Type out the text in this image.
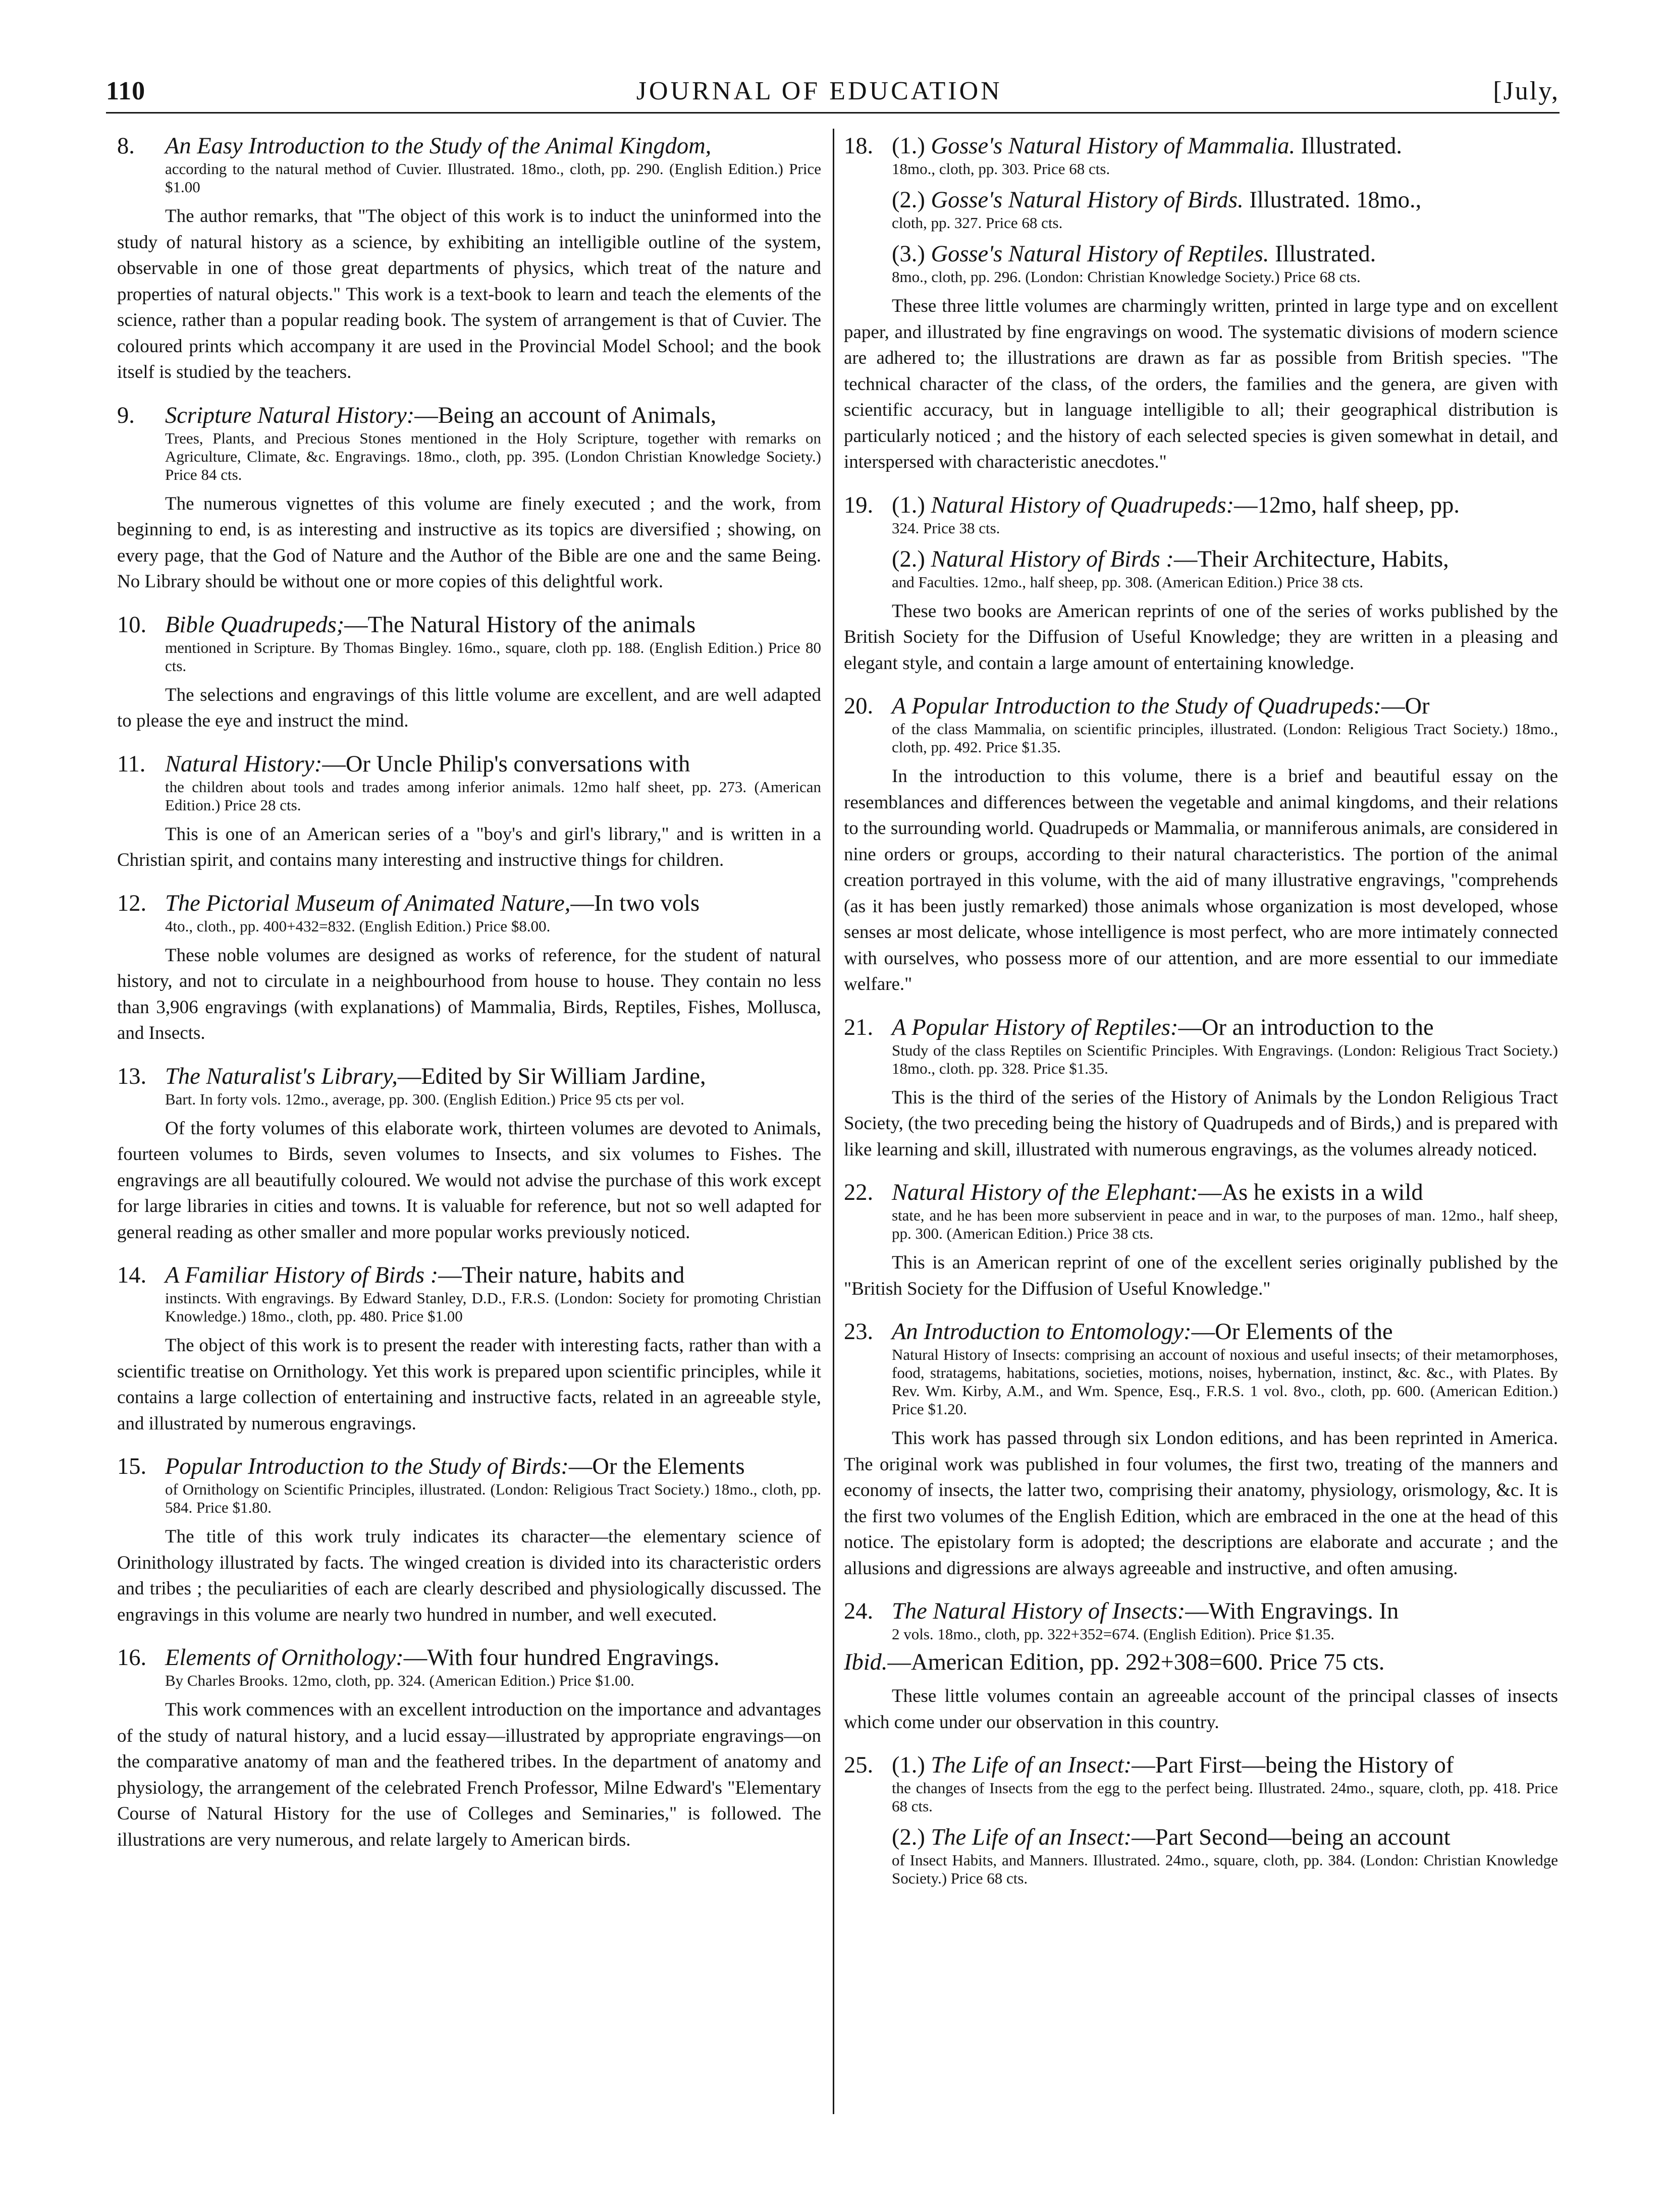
110	JOURNAL OF EDUCATION	[July,
8. An Easy Introduction to the Study of the Animal Kingdom,
according to the natural method of Cuvier. Illustrated. 18mo., cloth, pp. 290. (English Edition.) Price $1.00

The author remarks, that "The object of this work is to induct the uninformed into the study of natural history as a science, by exhibiting an intelligible outline of the system, observable in one of those great departments of physics, which treat of the nature and properties of natural objects." This work is a text-book to learn and teach the elements of the science, rather than a popular reading book. The system of arrangement is that of Cuvier. The coloured prints which accompany it are used in the Provincial Model School; and the book itself is studied by the teachers.

9. Scripture Natural History:—Being an account of Animals,
Trees, Plants, and Precious Stones mentioned in the Holy Scripture, together with remarks on Agriculture, Climate, &c. Engravings. 18mo., cloth, pp. 395. (London Christian Knowledge Society.) Price 84 cts.

The numerous vignettes of this volume are finely executed ; and the work, from beginning to end, is as interesting and instructive as its topics are diversified ; showing, on every page, that the God of Nature and the Author of the Bible are one and the same Being. No Library should be without one or more copies of this delightful work.

10. Bible Quadrupeds;—The Natural History of the animals
mentioned in Scripture. By Thomas Bingley. 16mo., square, cloth pp. 188. (English Edition.) Price 80 cts.

The selections and engravings of this little volume are excellent, and are well adapted to please the eye and instruct the mind.

11. Natural History:—Or Uncle Philip's conversations with
the children about tools and trades among inferior animals. 12mo half sheet, pp. 273. (American Edition.) Price 28 cts.

This is one of an American series of a "boy's and girl's library," and is written in a Christian spirit, and contains many interesting and instructive things for children.

12. The Pictorial Museum of Animated Nature,—In two vols
4to., cloth., pp. 400+432=832. (English Edition.) Price $8.00.

These noble volumes are designed as works of reference, for the student of natural history, and not to circulate in a neighbourhood from house to house. They contain no less than 3,906 engravings (with explanations) of Mammalia, Birds, Reptiles, Fishes, Mollusca, and Insects.

13. The Naturalist's Library,—Edited by Sir William Jardine,
Bart. In forty vols. 12mo., average, pp. 300. (English Edition.) Price 95 cts per vol.

Of the forty volumes of this elaborate work, thirteen volumes are devoted to Animals, fourteen volumes to Birds, seven volumes to Insects, and six volumes to Fishes. The engravings are all beautifully coloured. We would not advise the purchase of this work except for large libraries in cities and towns. It is valuable for reference, but not so well adapted for general reading as other smaller and more popular works previously noticed.

14. A Familiar History of Birds :—Their nature, habits and
instincts. With engravings. By Edward Stanley, D.D., F.R.S. (London: Society for promoting Christian Knowledge.) 18mo., cloth, pp. 480. Price $1.00

The object of this work is to present the reader with interesting facts, rather than with a scientific treatise on Ornithology. Yet this work is prepared upon scientific principles, while it contains a large collection of entertaining and instructive facts, related in an agreeable style, and illustrated by numerous engravings.

15. Popular Introduction to the Study of Birds:—Or the Elements
of Ornithology on Scientific Principles, illustrated. (London: Religious Tract Society.) 18mo., cloth, pp. 584. Price $1.80.

The title of this work truly indicates its character—the elementary science of Orinithology illustrated by facts. The winged creation is divided into its characteristic orders and tribes ; the peculiarities of each are clearly described and physiologically discussed. The engravings in this volume are nearly two hundred in number, and well executed.

16. Elements of Ornithology:—With four hundred Engravings.
By Charles Brooks. 12mo, cloth, pp. 324. (American Edition.) Price $1.00.

This work commences with an excellent introduction on the importance and advantages of the study of natural history, and a lucid essay—illustrated by appropriate engravings—on the comparative anatomy of man and the feathered tribes. In the department of anatomy and physiology, the arrangement of the celebrated French Professor, Milne Edward's "Elementary Course of Natural History for the use of Colleges and Seminaries," is followed. The illustrations are very numerous, and relate largely to American birds.

18. (1.) Gosse's Natural History of Mammalia. Illustrated.
18mo., cloth, pp. 303. Price 68 cts.
(2.) Gosse's Natural History of Birds. Illustrated. 18mo.,
cloth, pp. 327. Price 68 cts.
(3.) Gosse's Natural History of Reptiles. Illustrated.
8mo., cloth, pp. 296. (London: Christian Knowledge Society.) Price 68 cts.

These three little volumes are charmingly written, printed in large type and on excellent paper, and illustrated by fine engravings on wood. The systematic divisions of modern science are adhered to; the illustrations are drawn as far as possible from British species. "The technical character of the class, of the orders, the families and the genera, are given with scientific accuracy, but in language intelligible to all; their geographical distribution is particularly noticed ; and the history of each selected species is given somewhat in detail, and interspersed with characteristic anecdotes."

19. (1.) Natural History of Quadrupeds:—12mo, half sheep, pp.
324. Price 38 cts.
(2.) Natural History of Birds :—Their Architecture, Habits,
and Faculties. 12mo., half sheep, pp. 308. (American Edition.) Price 38 cts.

These two books are American reprints of one of the series of works published by the British Society for the Diffusion of Useful Knowledge; they are written in a pleasing and elegant style, and contain a large amount of entertaining knowledge.

20. A Popular Introduction to the Study of Quadrupeds:—Or
of the class Mammalia, on scientific principles, illustrated. (London: Religious Tract Society.) 18mo., cloth, pp. 492. Price $1.35.

In the introduction to this volume, there is a brief and beautiful essay on the resemblances and differences between the vegetable and animal kingdoms, and their relations to the surrounding world. Quadrupeds or Mammalia, or manniferous animals, are considered in nine orders or groups, according to their natural characteristics. The portion of the animal creation portrayed in this volume, with the aid of many illustrative engravings, "comprehends (as it has been justly remarked) those animals whose organization is most developed, whose senses ar most delicate, whose intelligence is most perfect, who are more intimately connected with ourselves, who possess more of our attention, and are more essential to our immediate welfare."

21. A Popular History of Reptiles:—Or an introduction to the
Study of the class Reptiles on Scientific Principles. With Engravings. (London: Religious Tract Society.) 18mo., cloth. pp. 328. Price $1.35.

This is the third of the series of the History of Animals by the London Religious Tract Society, (the two preceding being the history of Quadrupeds and of Birds,) and is prepared with like learning and skill, illustrated with numerous engravings, as the volumes already noticed.

22. Natural History of the Elephant:—As he exists in a wild
state, and he has been more subservient in peace and in war, to the purposes of man. 12mo., half sheep, pp. 300. (American Edition.) Price 38 cts.

This is an American reprint of one of the excellent series originally published by the "British Society for the Diffusion of Useful Knowledge."

23. An Introduction to Entomology:—Or Elements of the
Natural History of Insects: comprising an account of noxious and useful insects; of their metamorphoses, food, stratagems, habitations, societies, motions, noises, hybernation, instinct, &c. &c., with Plates. By Rev. Wm. Kirby, A.M., and Wm. Spence, Esq., F.R.S. 1 vol. 8vo., cloth, pp. 600. (American Edition.) Price $1.20.

This work has passed through six London editions, and has been reprinted in America. The original work was published in four volumes, the first two, treating of the manners and economy of insects, the latter two, comprising their anatomy, physiology, orismology, &c. It is the first two volumes of the English Edition, which are embraced in the one at the head of this notice. The epistolary form is adopted; the descriptions are elaborate and accurate ; and the allusions and digressions are always agreeable and instructive, and often amusing.

24. The Natural History of Insects:—With Engravings. In
2 vols. 18mo., cloth, pp. 322+352=674. (English Edition). Price $1.35.
Ibid.—American Edition, pp. 292+308=600. Price 75 cts.

These little volumes contain an agreeable account of the principal classes of insects which come under our observation in this country.

25. (1.) The Life of an Insect:—Part First—being the History of
the changes of Insects from the egg to the perfect being. Illustrated. 24mo., square, cloth, pp. 418. Price 68 cts.
(2.) The Life of an Insect:—Part Second—being an account
of Insect Habits, and Manners. Illustrated. 24mo., square, cloth, pp. 384. (London: Christian Knowledge Society.) Price 68 cts.
